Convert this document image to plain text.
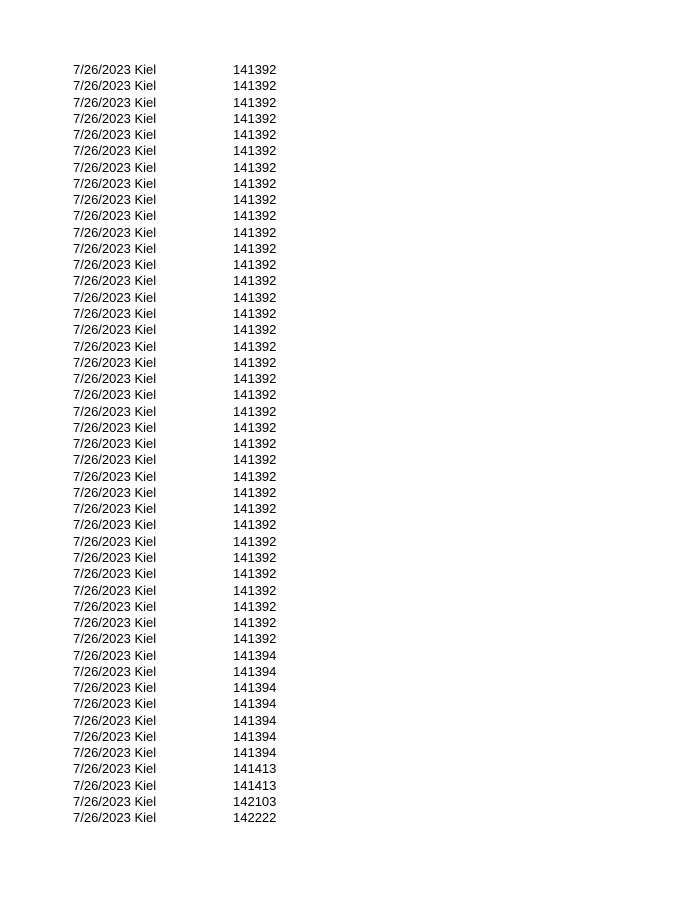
7/26/2023 Kiel	141392
7/26/2023 Kiel	141392
7/26/2023 Kiel	141392
7/26/2023 Kiel	141392
7/26/2023 Kiel	141392
7/26/2023 Kiel	141392
7/26/2023 Kiel	141392
7/26/2023 Kiel	141392
7/26/2023 Kiel	141392
7/26/2023 Kiel	141392
7/26/2023 Kiel	141392
7/26/2023 Kiel	141392
7/26/2023 Kiel	141392
7/26/2023 Kiel	141392
7/26/2023 Kiel	141392
7/26/2023 Kiel	141392
7/26/2023 Kiel	141392
7/26/2023 Kiel	141392
7/26/2023 Kiel	141392
7/26/2023 Kiel	141392
7/26/2023 Kiel	141392
7/26/2023 Kiel	141392
7/26/2023 Kiel	141392
7/26/2023 Kiel	141392
7/26/2023 Kiel	141392
7/26/2023 Kiel	141392
7/26/2023 Kiel	141392
7/26/2023 Kiel	141392
7/26/2023 Kiel	141392
7/26/2023 Kiel	141392
7/26/2023 Kiel	141392
7/26/2023 Kiel	141392
7/26/2023 Kiel	141392
7/26/2023 Kiel	141392
7/26/2023 Kiel	141392
7/26/2023 Kiel	141392
7/26/2023 Kiel	141394
7/26/2023 Kiel	141394
7/26/2023 Kiel	141394
7/26/2023 Kiel	141394
7/26/2023 Kiel	141394
7/26/2023 Kiel	141394
7/26/2023 Kiel	141394
7/26/2023 Kiel	141413
7/26/2023 Kiel	141413
7/26/2023 Kiel	142103
7/26/2023 Kiel	142222
